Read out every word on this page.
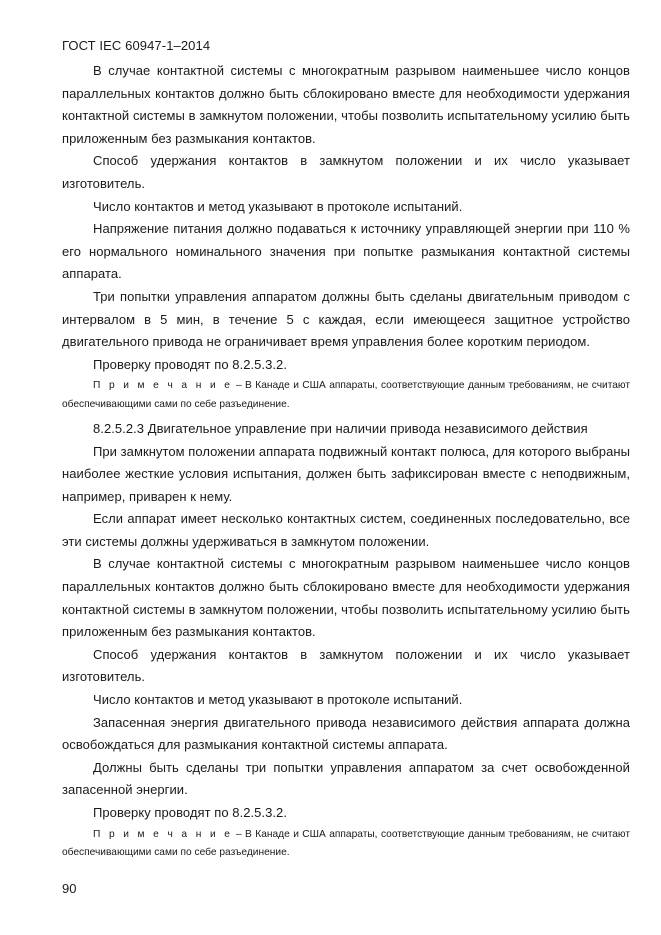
ГОСТ IEC 60947-1–2014

В случае контактной системы с многократным разрывом наименьшее число концов параллельных контактов должно быть сблокировано вместе для необходимости удержания контактной системы в замкнутом положении, чтобы позволить испытательному усилию быть приложенным без размыкания контактов.

Способ удержания контактов в замкнутом положении и их число указывает изготовитель.

Число контактов и метод указывают в протоколе испытаний.

Напряжение питания должно подаваться к источнику управляющей энергии при 110 % его нормального номинального значения при попытке размыкания контактной системы аппарата.

Три попытки управления аппаратом должны быть сделаны двигательным приводом с интервалом в 5 мин, в течение 5 с каждая, если имеющееся защитное устройство двигательного привода не ограничивает время управления более коротким периодом.

Проверку проводят по 8.2.5.3.2.

П р и м е ч а н и е – В Канаде и США аппараты, соответствующие данным требованиям, не считают обеспечивающими сами по себе разъединение.

8.2.5.2.3 Двигательное управление при наличии привода независимого действия

При замкнутом положении аппарата подвижный контакт полюса, для которого выбраны наиболее жесткие условия испытания, должен быть зафиксирован вместе с неподвижным, например, приварен к нему.

Если аппарат имеет несколько контактных систем, соединенных последовательно, все эти системы должны удерживаться в замкнутом положении.

В случае контактной системы с многократным разрывом наименьшее число концов параллельных контактов должно быть сблокировано вместе для необходимости удержания контактной системы в замкнутом положении, чтобы позволить испытательному усилию быть приложенным без размыкания контактов.

Способ удержания контактов в замкнутом положении и их число указывает изготовитель.

Число контактов и метод указывают в протоколе испытаний.

Запасенная энергия двигательного привода независимого действия аппарата должна освобождаться для размыкания контактной системы аппарата.

Должны быть сделаны три попытки управления аппаратом за счет освобожденной запасенной энергии.

Проверку проводят по 8.2.5.3.2.

П р и м е ч а н и е – В Канаде и США аппараты, соответствующие данным требованиям, не считают обеспечивающими сами по себе разъединение.

90
